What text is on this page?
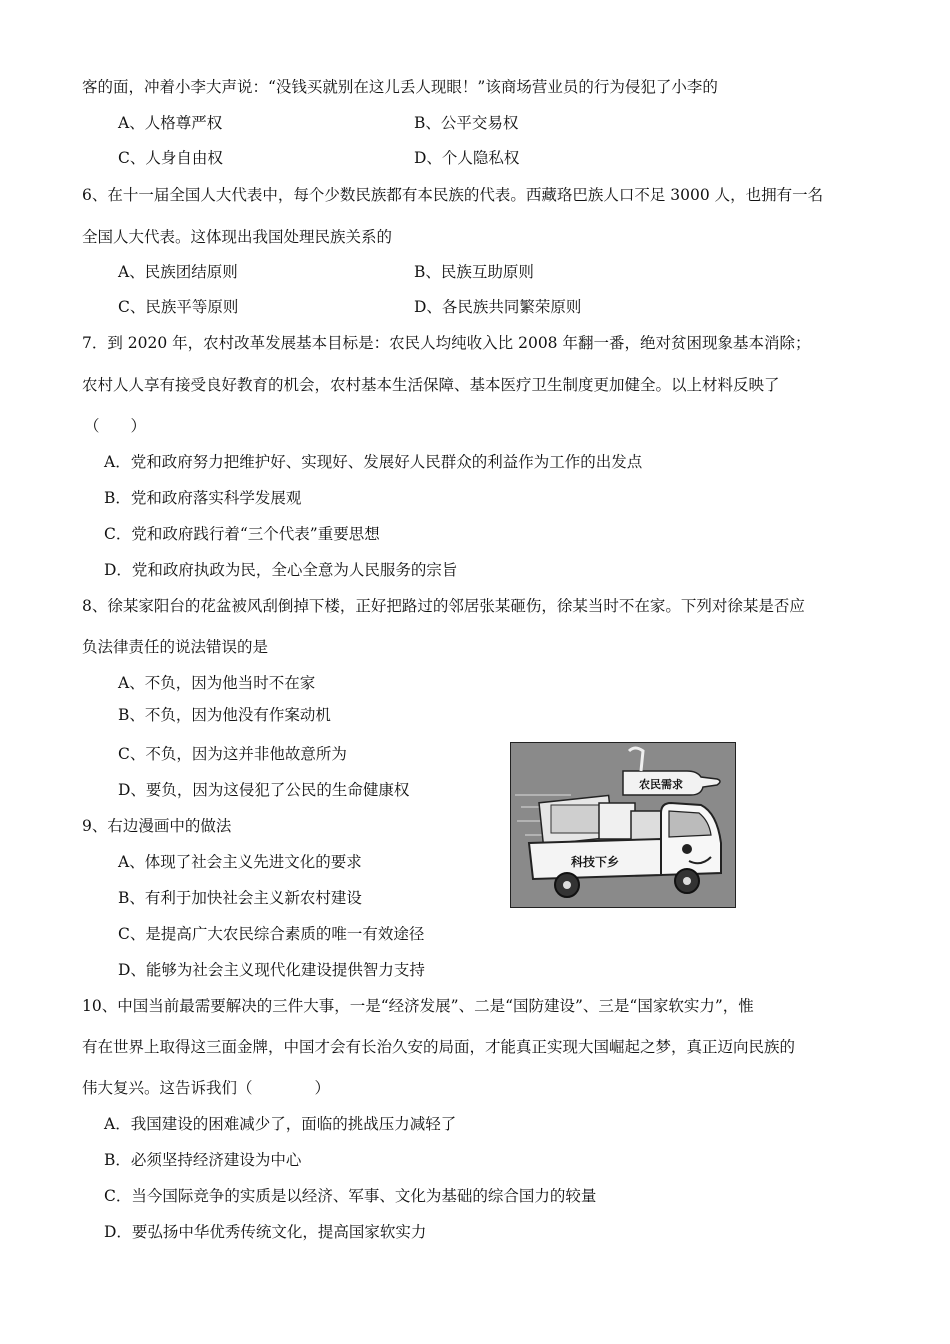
客的面，冲着小李大声说：“没钱买就别在这儿丢人现眼！”该商场营业员的行为侵犯了小李的
A、人格尊严权	B、公平交易权
C、人身自由权	D、个人隐私权
6、在十一届全国人大代表中，每个少数民族都有本民族的代表。西藏珞巴族人口不足 3000 人，也拥有一名
全国人大代表。这体现出我国处理民族关系的
A、民族团结原则	B、民族互助原则
C、民族平等原则	D、各民族共同繁荣原则
7．到 2020 年，农村改革发展基本目标是：农民人均纯收入比 2008 年翻一番，绝对贫困现象基本消除；
农村人人享有接受良好教育的机会，农村基本生活保障、基本医疗卫生制度更加健全。以上材料反映了
（　　）
A．党和政府努力把维护好、实现好、发展好人民群众的利益作为工作的出发点
B．党和政府落实科学发展观
C．党和政府践行着“三个代表”重要思想
D．党和政府执政为民，全心全意为人民服务的宗旨
8、徐某家阳台的花盆被风刮倒掉下楼，正好把路过的邻居张某砸伤，徐某当时不在家。下列对徐某是否应
负法律责任的说法错误的是
A、不负，因为他当时不在家
B、不负，因为他没有作案动机
C、不负，因为这并非他故意所为
D、要负，因为这侵犯了公民的生命健康权
9、右边漫画中的做法
A、体现了社会主义先进文化的要求
B、有利于加快社会主义新农村建设
C、是提高广大农民综合素质的唯一有效途径
D、能够为社会主义现代化建设提供智力支持
农民需求
科技下乡
10、中国当前最需要解决的三件大事，一是“经济发展”、二是“国防建设”、三是“国家软实力”，惟
有在世界上取得这三面金牌，中国才会有长治久安的局面，才能真正实现大国崛起之梦，真正迈向民族的
伟大复兴。这告诉我们（　　　　）
A．我国建设的困难减少了，面临的挑战压力减轻了
B．必须坚持经济建设为中心
C．当今国际竞争的实质是以经济、军事、文化为基础的综合国力的较量
D．要弘扬中华优秀传统文化，提高国家软实力
